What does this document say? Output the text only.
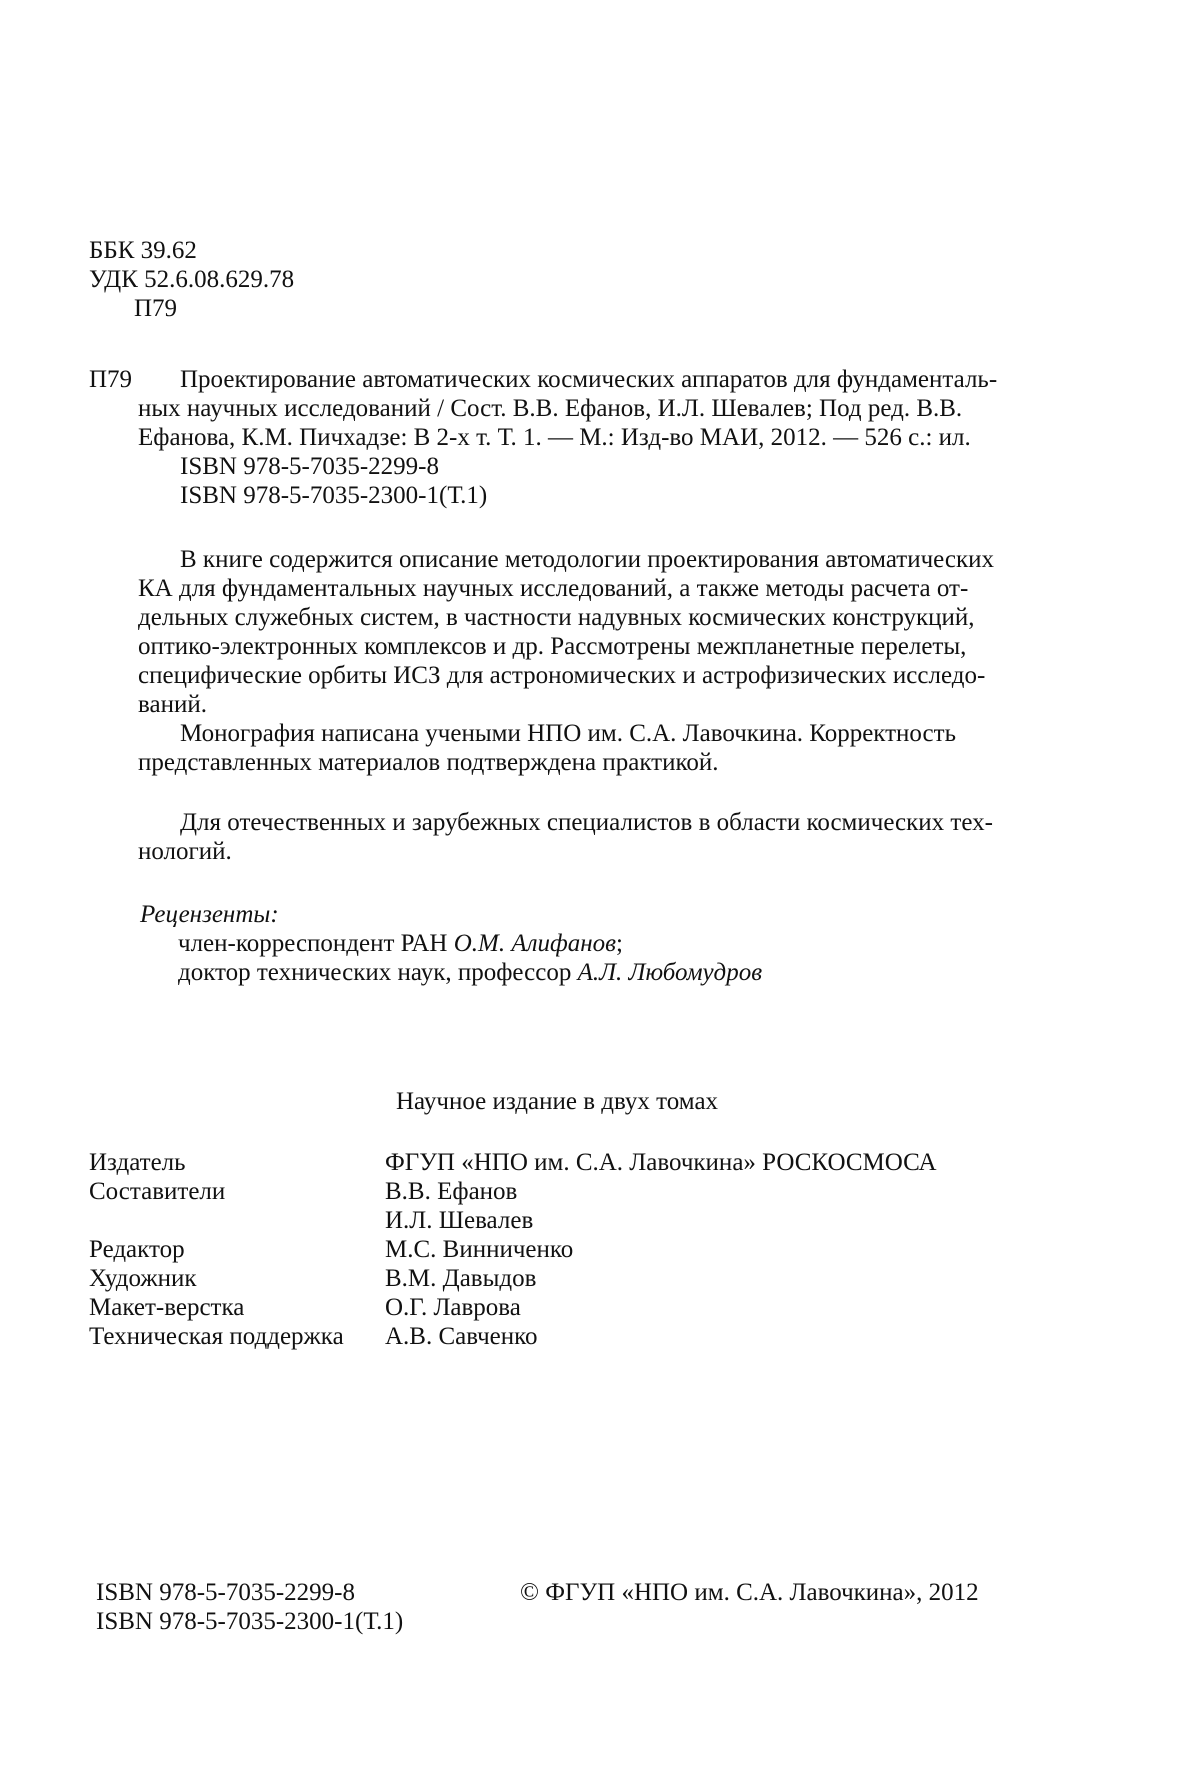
ББК 39.62
УДК 52.6.08.629.78
П79
П79	Проектирование автоматических космических аппаратов для фундаменталь-
ных научных исследований / Сост. В.В. Ефанов, И.Л. Шевалев; Под ред. В.В.
Ефанова, К.М. Пичхадзе: В 2-х т. Т. 1. — М.: Изд-во МАИ, 2012. — 526 с.: ил.
ISBN 978-5-7035-2299-8
ISBN 978-5-7035-2300-1(Т.1)
В книге содержится описание методологии проектирования автоматических
КА для фундаментальных научных исследований, а также методы расчета от-
дельных служебных систем, в частности надувных космических конструкций,
оптико-электронных комплексов и др. Рассмотрены межпланетные перелеты,
специфические орбиты ИСЗ для астрономических и астрофизических исследо-
ваний.
Монография написана учеными НПО им. С.А. Лавочкина. Корректность
представленных материалов подтверждена практикой.
Для отечественных и зарубежных специалистов в области космических тех-
нологий.
Рецензенты:
член-корреспондент РАН О.М. Алифанов;
доктор технических наук, профессор А.Л. Любомудров
Научное издание в двух томах
Издатель	ФГУП «НПО им. С.А. Лавочкина» РОСКОСМОСА
Составители	В.В. Ефанов
И.Л. Шевалев
Редактор	М.С. Винниченко
Художник	В.М. Давыдов
Макет-верстка	О.Г. Лаврова
Техническая поддержка	А.В. Савченко
ISBN 978-5-7035-2299-8
ISBN 978-5-7035-2300-1(Т.1)
© ФГУП «НПО им. С.А. Лавочкина», 2012
